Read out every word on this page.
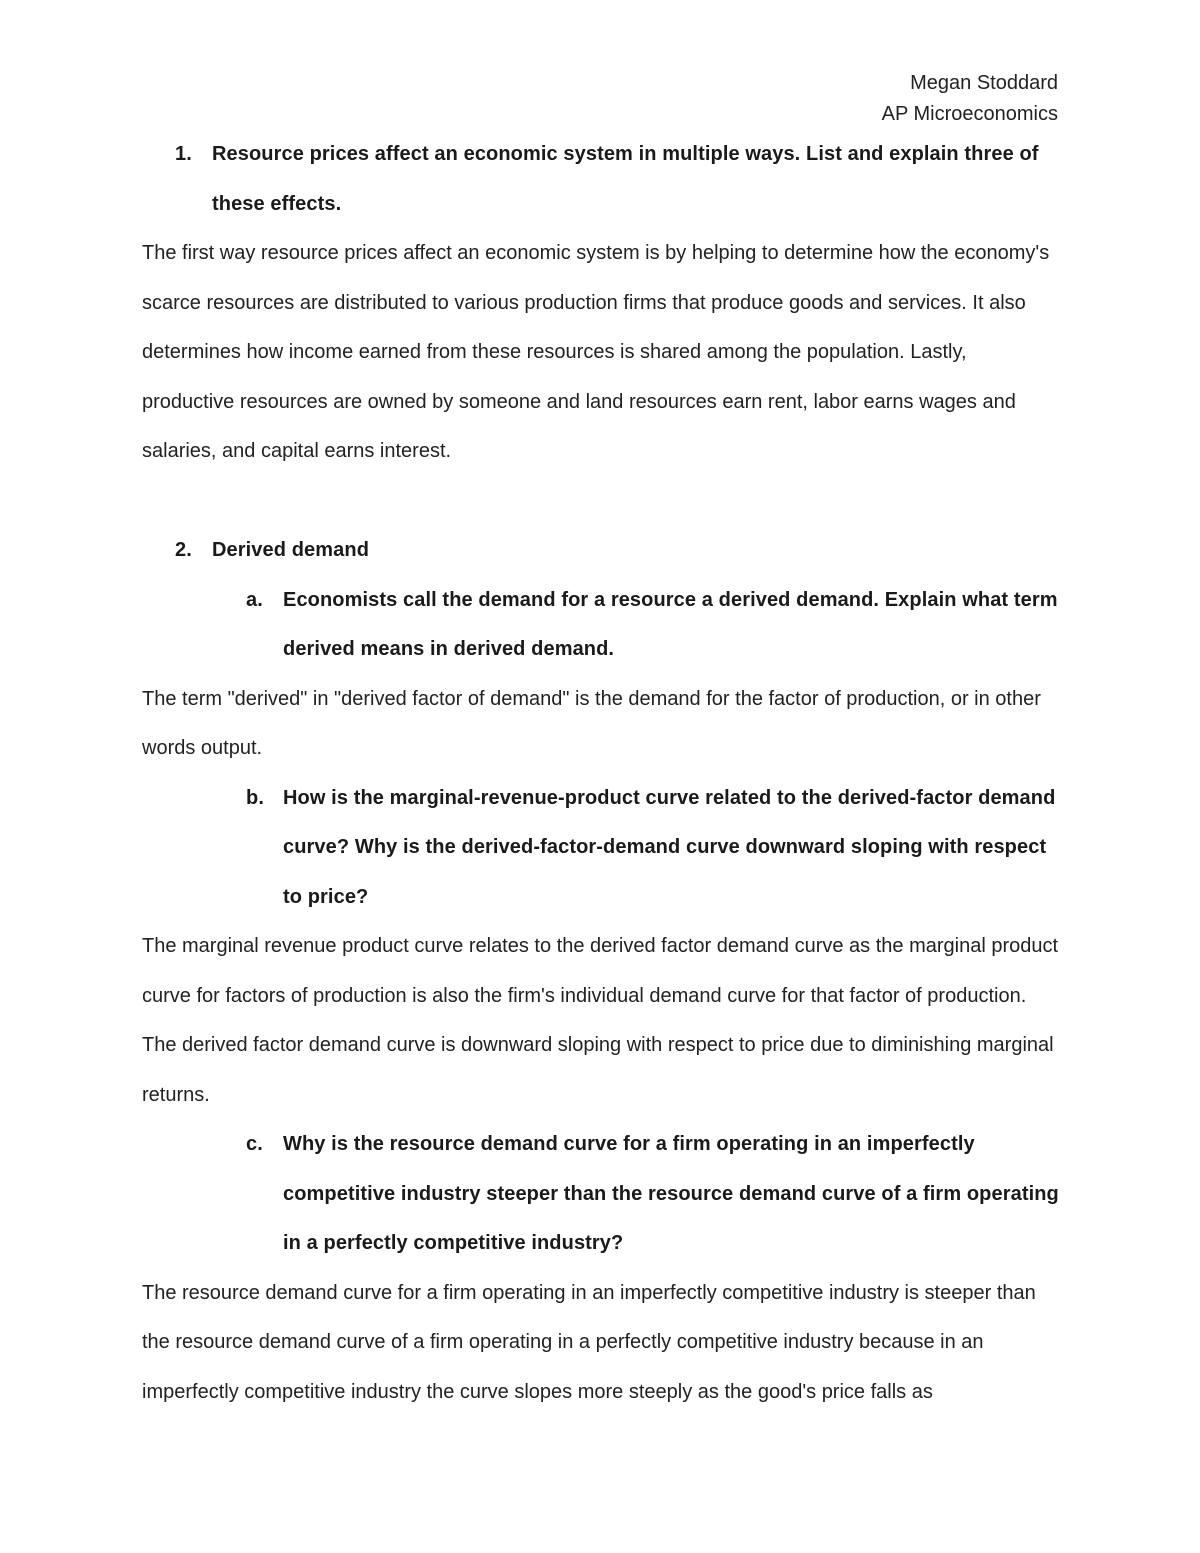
Megan Stoddard
AP Microeconomics
1. Resource prices affect an economic system in multiple ways. List and explain three of these effects.
The first way resource prices affect an economic system is by helping to determine how the economy's scarce resources are distributed to various production firms that produce goods and services. It also determines how income earned from these resources is shared among the population. Lastly, productive resources are owned by someone and land resources earn rent, labor earns wages and salaries, and capital earns interest.
2. Derived demand
a. Economists call the demand for a resource a derived demand. Explain what term derived means in derived demand.
The term "derived" in "derived factor of demand" is the demand for the factor of production, or in other words output.
b. How is the marginal-revenue-product curve related to the derived-factor demand curve? Why is the derived-factor-demand curve downward sloping with respect to price?
The marginal revenue product curve relates to the derived factor demand curve as the marginal product curve for factors of production is also the firm's individual demand curve for that factor of production. The derived factor demand curve is downward sloping with respect to price due to diminishing marginal returns.
c. Why is the resource demand curve for a firm operating in an imperfectly competitive industry steeper than the resource demand curve of a firm operating in a perfectly competitive industry?
The resource demand curve for a firm operating in an imperfectly competitive industry is steeper than the resource demand curve of a firm operating in a perfectly competitive industry because in an imperfectly competitive industry the curve slopes more steeply as the good's price falls as
